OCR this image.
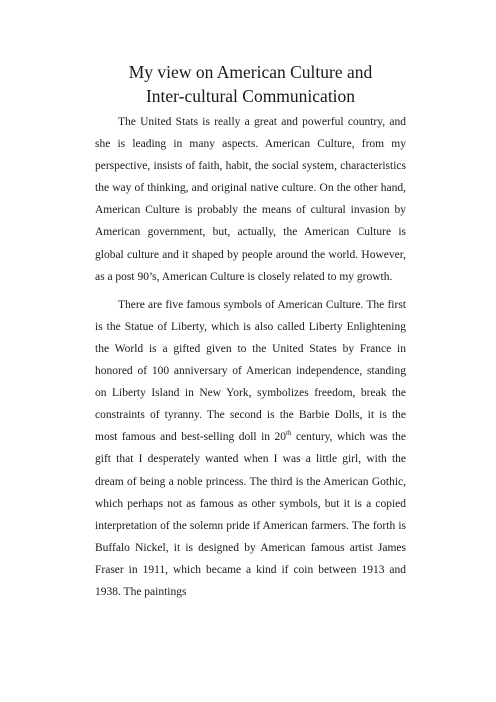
My view on American Culture and
Inter-cultural Communication

The United Stats is really a great and powerful country, and she is leading in many aspects. American Culture, from my perspective, insists of faith, habit, the social system, characteristics the way of thinking, and original native culture. On the other hand, American Culture is probably the means of cultural invasion by American government, but, actually, the American Culture is global culture and it shaped by people around the world. However, as a post 90’s, American Culture is closely related to my growth.

There are five famous symbols of American Culture. The first is the Statue of Liberty, which is also called Liberty Enlightening the World is a gifted given to the United States by France in honored of 100 anniversary of American independence, standing on Liberty Island in New York, symbolizes freedom, break the constraints of tyranny. The second is the Barbie Dolls, it is the most famous and best-selling doll in 20th century, which was the gift that I desperately wanted when I was a little girl, with the dream of being a noble princess. The third is the American Gothic, which perhaps not as famous as other symbols, but it is a copied interpretation of the solemn pride if American farmers. The forth is Buffalo Nickel, it is designed by American famous artist James Fraser in 1911, which became a kind if coin between 1913 and 1938. The paintings
